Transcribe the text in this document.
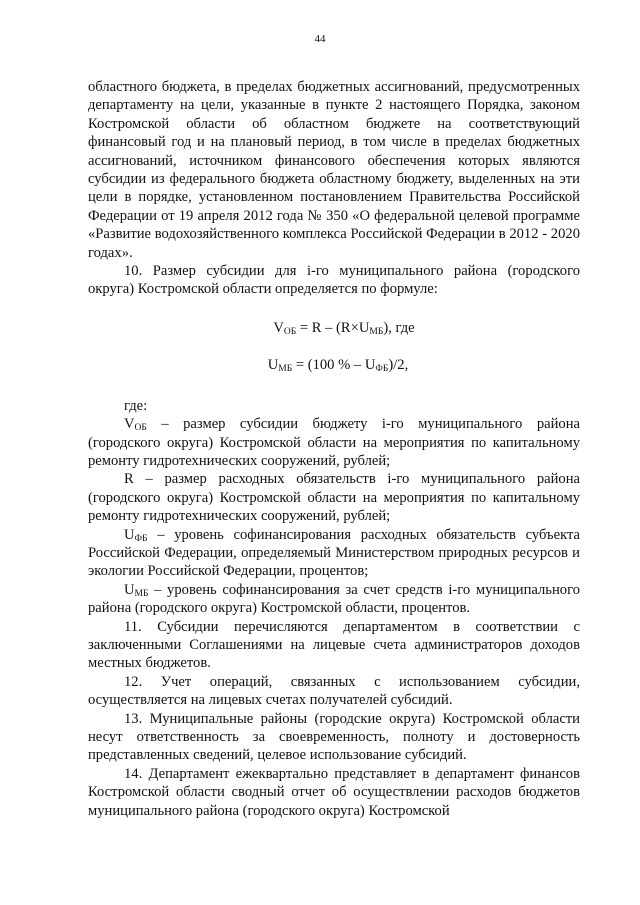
44

областного бюджета, в пределах бюджетных ассигнований, предусмотренных департаменту на цели, указанные в пункте 2 настоящего Порядка, законом Костромской области об областном бюджете на соответствующий финансовый год и на плановый период, в том числе в пределах бюджетных ассигнований, источником финансового обеспечения которых являются субсидии из федерального бюджета областному бюджету, выделенных на эти цели в порядке, установленном постановлением Правительства Российской Федерации от 19 апреля 2012 года № 350 «О федеральной целевой программе «Развитие водохозяйственного комплекса Российской Федерации в 2012 - 2020 годах».

10. Размер субсидии для i-го муниципального района (городского округа) Костромской области определяется по формуле:

$V_{ОБ} = R - (R\times U_{МБ})$, где

$U_{МБ} = (100$ % – $U_{ФБ})/2$,

где:

$V_{ОБ}$ – размер субсидии бюджету i-го муниципального района (городского округа) Костромской области на мероприятия по капитальному ремонту гидротехнических сооружений, рублей;

R – размер расходных обязательств i-го муниципального района (городского округа) Костромской области на мероприятия по капитальному ремонту гидротехнических сооружений, рублей;

$U_{ФБ}$ – уровень софинансирования расходных обязательств субъекта Российской Федерации, определяемый Министерством природных ресурсов и экологии Российской Федерации, процентов;

$U_{МБ}$ – уровень софинансирования за счет средств i-го муниципального района (городского округа) Костромской области, процентов.

11. Субсидии перечисляются департаментом в соответствии с заключенными Соглашениями на лицевые счета администраторов доходов местных бюджетов.

12. Учет операций, связанных с использованием субсидии, осуществляется на лицевых счетах получателей субсидий.

13. Муниципальные районы (городские округа) Костромской области несут ответственность за своевременность, полноту и достоверность представленных сведений, целевое использование субсидий.

14. Департамент ежеквартально представляет в департамент финансов Костромской области сводный отчет об осуществлении расходов бюджетов муниципального района (городского округа) Костромской
